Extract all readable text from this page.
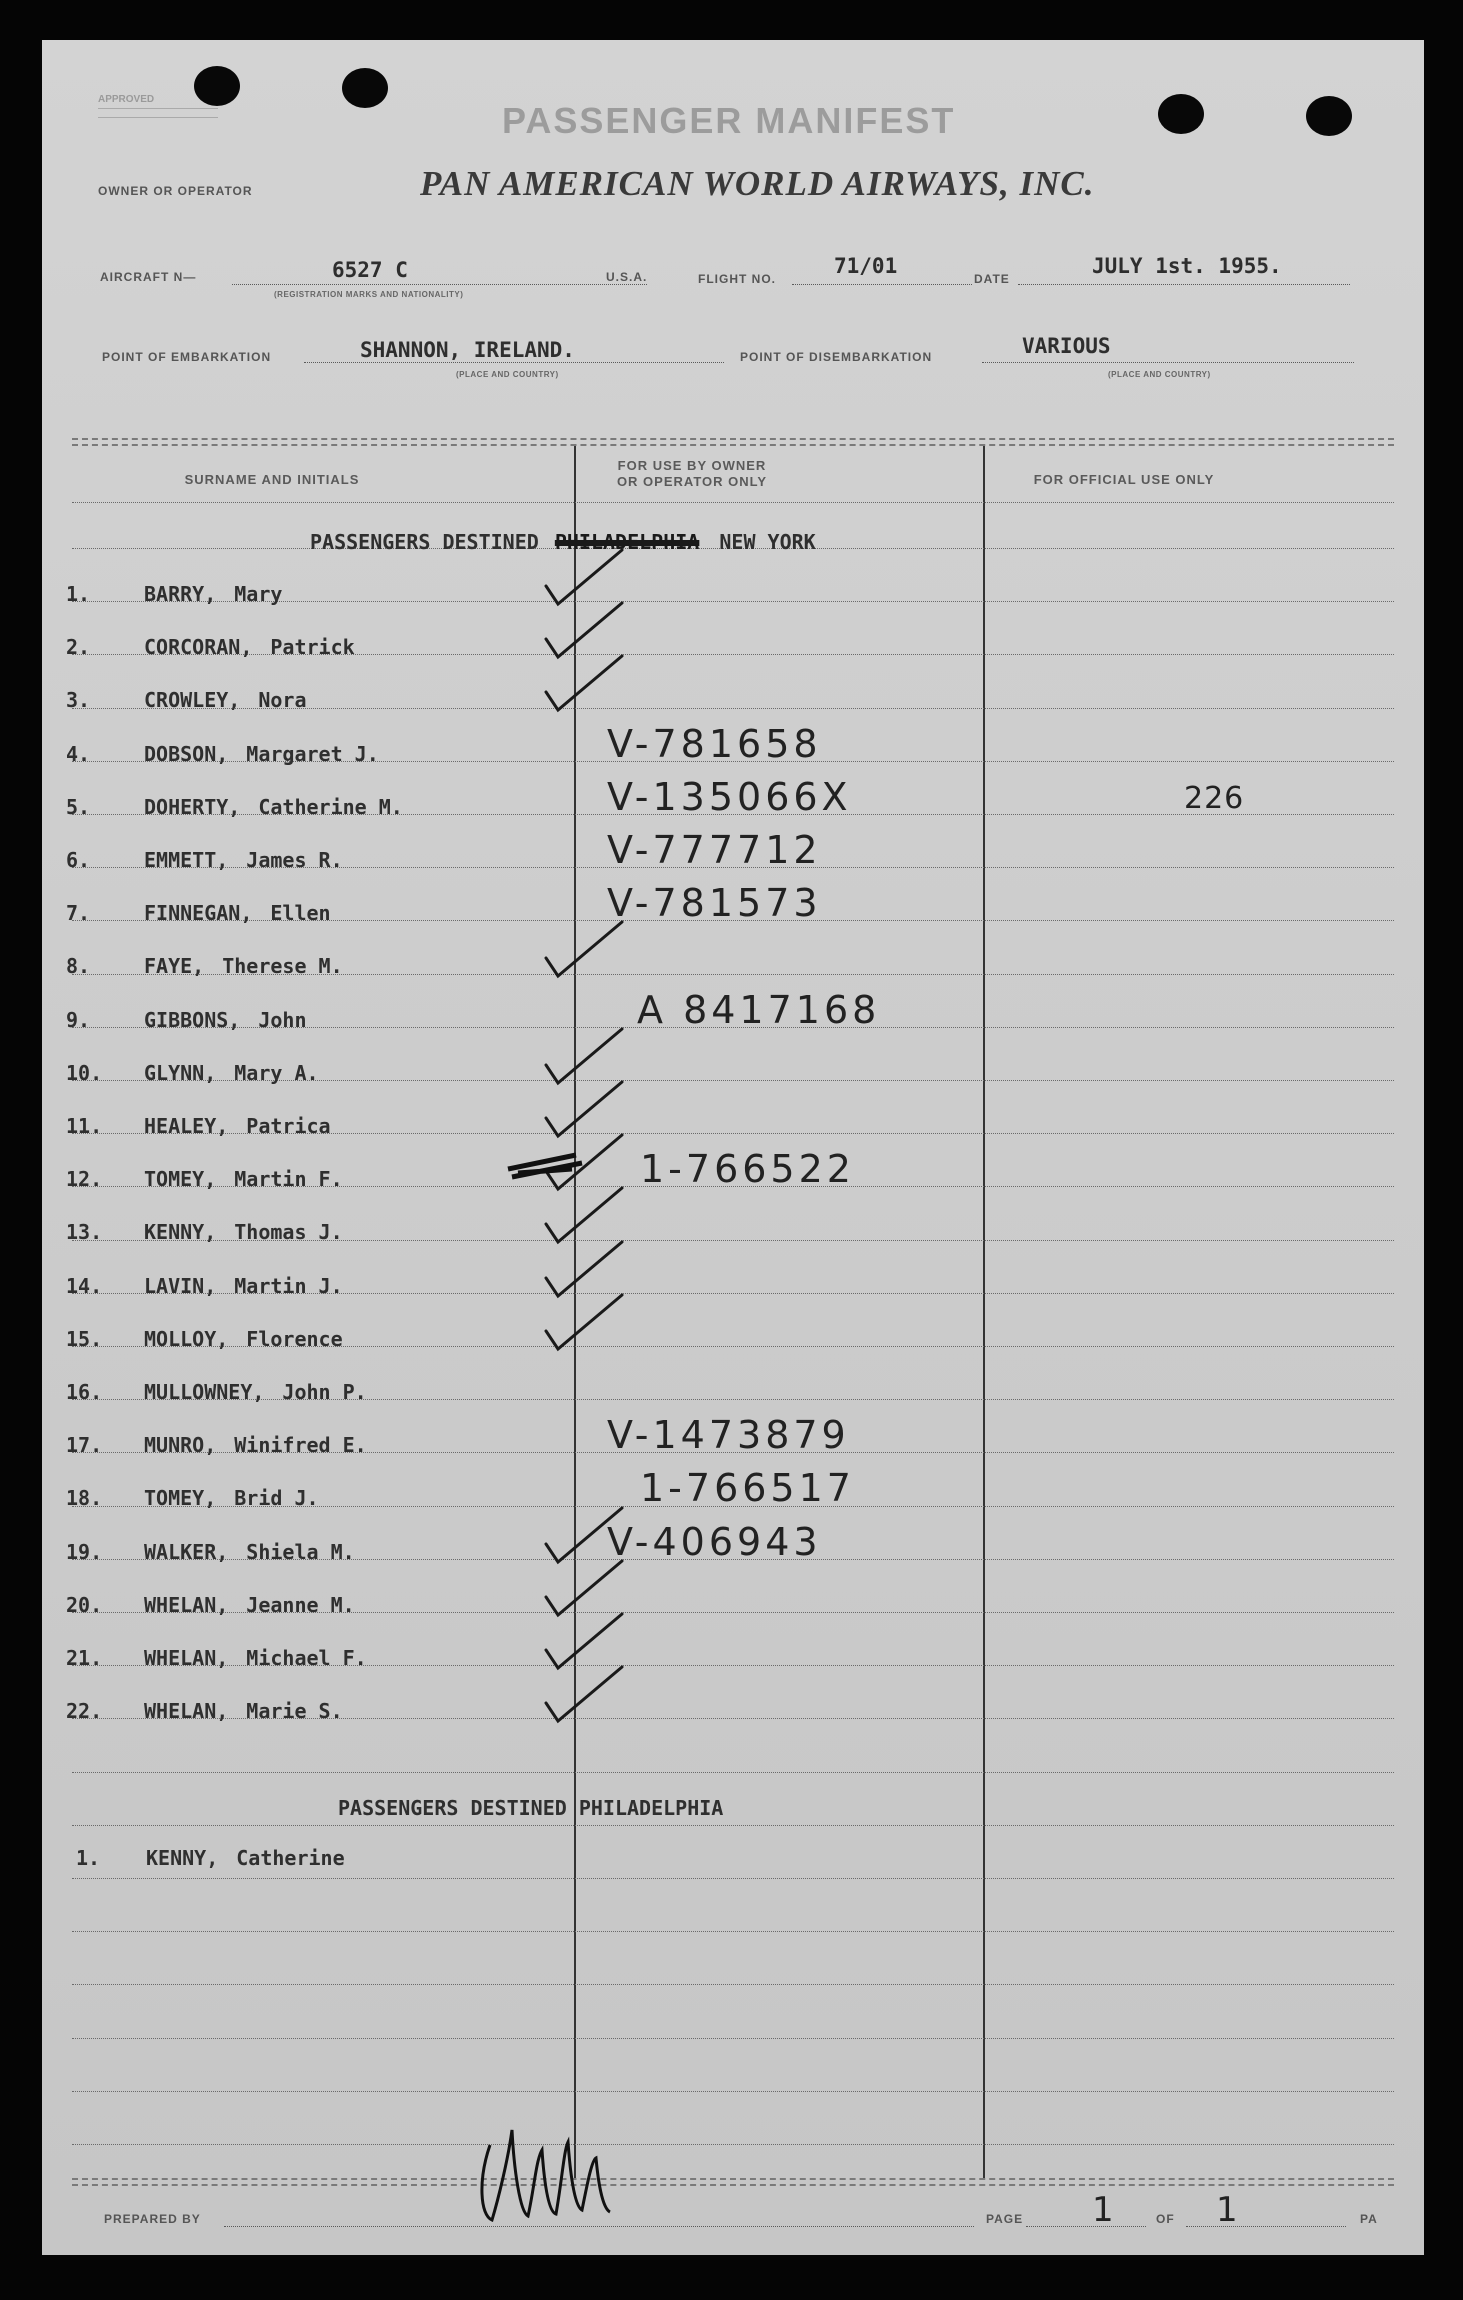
APPROVED
PASSENGER MANIFEST
OWNER OR OPERATOR	PAN AMERICAN WORLD AIRWAYS, INC.
AIRCRAFT N—	6527 C
(REGISTRATION MARKS AND NATIONALITY)
U.S.A.	FLIGHT NO.
71/01
DATE
JULY 1st. 1955.
POINT OF EMBARKATION	SHANNON, IRELAND.
(PLACE AND COUNTRY)
POINT OF DISEMBARKATION	VARIOUS
(PLACE AND COUNTRY)
SURNAME AND INITIALS
FOR USE BY OWNER
OR OPERATOR ONLY	FOR OFFICIAL USE ONLY
PASSENGERS DESTINED PHILADELPHIA NEW YORK
1.	BARRY, Mary
2.	CORCORAN, Patrick
3.	CROWLEY, Nora
4.	DOBSON, Margaret J.	V-781658
5.	DOHERTY, Catherine M.	V-135066X	226
6.	EMMETT, James R.	V-777712
7.	FINNEGAN, Ellen	V-781573
8.	FAYE, Therese M.
9.	GIBBONS, John	A 8417168
10. GLYNN, Mary A.
11. HEALEY, Patrica
12. TOMEY, Martin F.	1-766522
13. KENNY, Thomas J.
14. LAVIN, Martin J.
15. MOLLOY, Florence
16. MULLOWNEY, John P.
17. MUNRO, Winifred E.	V-1473879
18. TOMEY, Brid J.	1-766517
19. WALKER, Shiela M.	V-406943
20. WHELAN, Jeanne M.
21. WHELAN, Michael F.
22. WHELAN, Marie S.
PASSENGERS DESTINED PHILADELPHIA
1. KENNY, Catherine
PREPARED BY	PAGE 1	OF 1	PA
